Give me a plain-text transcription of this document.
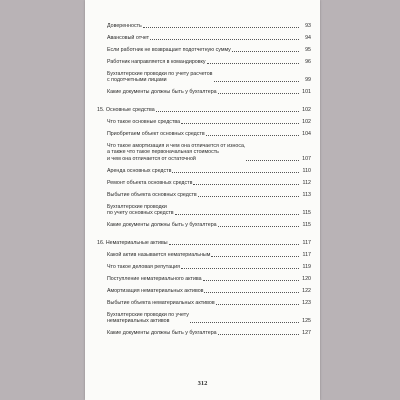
Доверенность	93
Авансовый отчет	94
Если работник не возвращает подотчетную сумму	95
Работник направляется в командировку	96
Бухгалтерские проводки по учету расчетов
с подотчетными лицами	99
Какие документы должны быть у бухгалтера	101
15. Основные средства	102
Что такое основные средства	102
Приобретаем объект основных средств	104
Что такое амортизация и чем она отличается от износа,
а также что такое первоначальная стоимость
и чем она отличается от остаточной	107
Аренда основных средств	110
Ремонт объекта основных средств	112
Выбытие объекта основных средств	113
Бухгалтерские проводки
по учету основных средств	115
Какие документы должны быть у бухгалтера	115
16. Нематериальные активы	117
Какой актив называется нематериальным	117
Что такое деловая репутация	119
Поступление нематериального актива	120
Амортизация нематериальных активов	122
Выбытие объекта нематериальных активов	123
Бухгалтерские проводки по учету
нематериальных активов	125
Какие документы должны быть у бухгалтера	127
312
